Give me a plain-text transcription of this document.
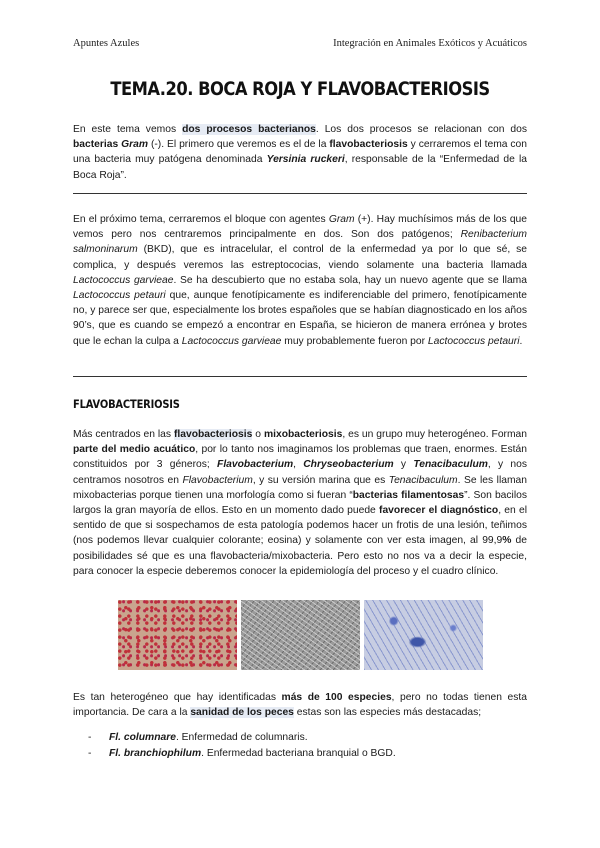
Apuntes Azules	Integración en Animales Exóticos y Acuáticos
TEMA.20. BOCA ROJA Y FLAVOBACTERIOSIS
En este tema vemos dos procesos bacterianos. Los dos procesos se relacionan con dos bacterias Gram (-). El primero que veremos es el de la flavobacteriosis y cerraremos el tema con una bacteria muy patógena denominada Yersinia ruckeri, responsable de la “Enfermedad de la Boca Roja”.
En el próximo tema, cerraremos el bloque con agentes Gram (+). Hay muchísimos más de los que vemos pero nos centraremos principalmente en dos. Son dos patógenos; Renibacterium salmoninarum (BKD), que es intracelular, el control de la enfermedad ya por lo que sé, se complica, y después veremos las estreptococias, viendo solamente una bacteria llamada Lactococcus garvieae. Se ha descubierto que no estaba sola, hay un nuevo agente que se llama Lactococcus petauri que, aunque fenotípicamente es indiferenciable del primero, fenotípicamente no, y parece ser que, especialmente los brotes españoles que se habían diagnosticado en los años 90’s, que es cuando se empezó a encontrar en España, se hicieron de manera errónea y brotes que le echan la culpa a Lactococcus garvieae muy probablemente fueron por Lactococcus petauri.
FLAVOBACTERIOSIS
Más centrados en las flavobacteriosis o mixobacteriosis, es un grupo muy heterogéneo. Forman parte del medio acuático, por lo tanto nos imaginamos los problemas que traen, enormes. Están constituidos por 3 géneros; Flavobacterium, Chryseobacterium y Tenacibaculum, y nos centramos nosotros en Flavobacterium, y su versión marina que es Tenacibaculum. Se les llaman mixobacterias porque tienen una morfología como si fueran “bacterias filamentosas”. Son bacilos largos la gran mayoría de ellos. Esto en un momento dado puede favorecer el diagnóstico, en el sentido de que si sospechamos de esta patología podemos hacer un frotis de una lesión, teñimos (nos podemos llevar cualquier colorante; eosina) y solamente con ver esta imagen, al 99,9% de posibilidades sé que es una flavobacteria/mixobacteria. Pero esto no nos va a decir la especie, para conocer la especie deberemos conocer la epidemiología del proceso y el cuadro clínico.
Es tan heterogéneo que hay identificadas más de 100 especies, pero no todas tienen esta importancia. De cara a la sanidad de los peces estas son las especies más destacadas;
- Fl. columnare. Enfermedad de columnaris.
- Fl. branchiophilum. Enfermedad bacteriana branquial o BGD.
